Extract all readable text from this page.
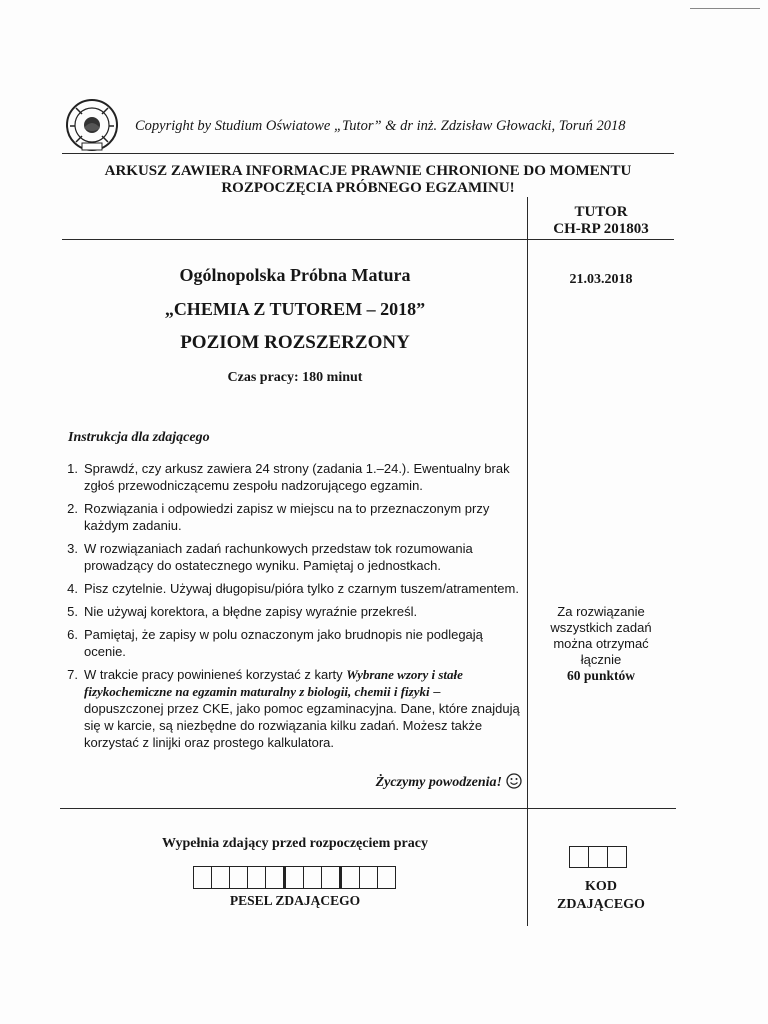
Copyright by Studium Oświatowe „Tutor” & dr inż. Zdzisław Głowacki, Toruń 2018
ARKUSZ ZAWIERA INFORMACJE PRAWNIE CHRONIONE DO MOMENTU
ROZPOCZĘCIA PRÓBNEGO EGZAMINU!
TUTOR
CH-RP 201803
21.03.2018
Ogólnopolska Próbna Matura
„CHEMIA Z TUTOREM – 2018”
POZIOM ROZSZERZONY
Czas pracy: 180 minut
Instrukcja dla zdającego
1. Sprawdź, czy arkusz zawiera 24 strony (zadania 1.–24.). Ewentualny brak zgłoś przewodniczącemu zespołu nadzorującego egzamin.
2. Rozwiązania i odpowiedzi zapisz w miejscu na to przeznaczonym przy każdym zadaniu.
3. W rozwiązaniach zadań rachunkowych przedstaw tok rozumowania prowadzący do ostatecznego wyniku. Pamiętaj o jednostkach.
4. Pisz czytelnie. Używaj długopisu/pióra tylko z czarnym tuszem/atramentem.
5. Nie używaj korektora, a błędne zapisy wyraźnie przekreśl.
6. Pamiętaj, że zapisy w polu oznaczonym jako brudnopis nie podlegają ocenie.
7. W trakcie pracy powinieneś korzystać z karty Wybrane wzory i stałe fizykochemiczne na egzamin maturalny z biologii, chemii i fizyki – dopuszczonej przez CKE, jako pomoc egzaminacyjna. Dane, które znajdują się w karcie, są niezbędne do rozwiązania kilku zadań. Możesz także korzystać z linijki oraz prostego kalkulatora.
Życzymy powodzenia!
Za rozwiązanie
wszystkich zadań
można otrzymać
łącznie
60 punktów
Wypełnia zdający przed rozpoczęciem pracy
PESEL ZDAJĄCEGO
KOD
ZDAJĄCEGO
